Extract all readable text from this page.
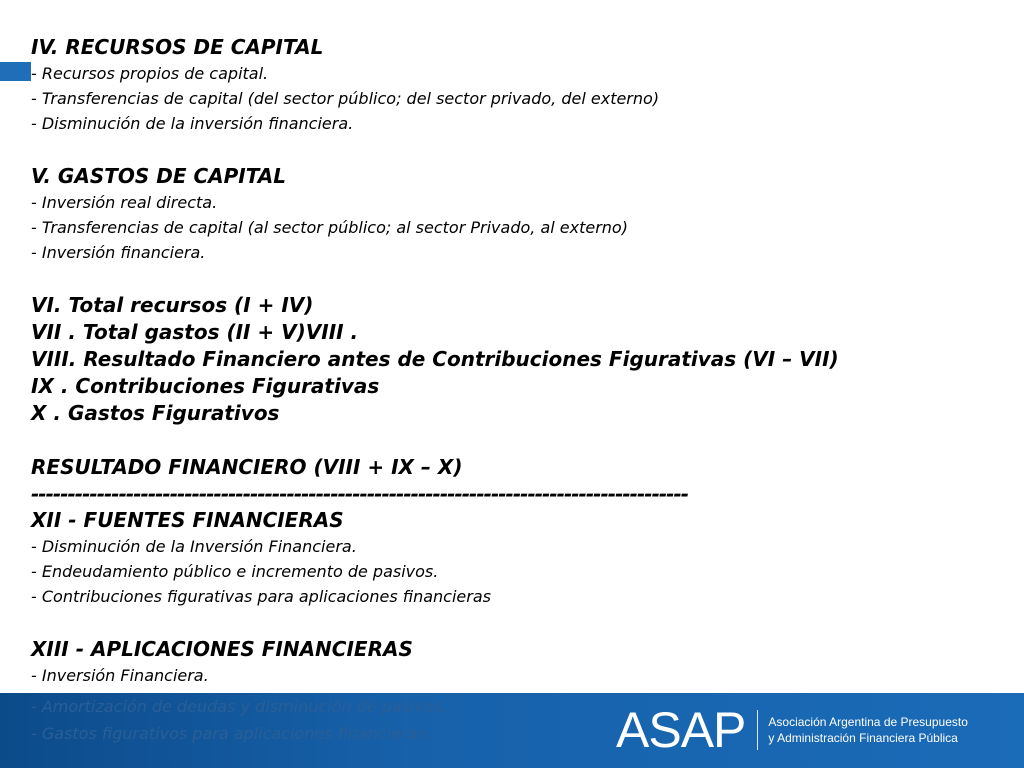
IV. RECURSOS DE CAPITAL

- Recursos propios de capital.

- Transferencias de capital (del sector público; del sector privado, del externo)

- Disminución de la inversión financiera.

V. GASTOS DE CAPITAL

- Inversión real directa.

- Transferencias de capital (al sector público; al sector Privado, al externo)

- Inversión financiera.

VI. Total recursos (I + IV)

VII . Total gastos (II + V)VIII .

VIII. Resultado Financiero antes de Contribuciones Figurativas (VI – VII)

IX . Contribuciones Figurativas

X . Gastos Figurativos

RESULTADO FINANCIERO (VIII + IX – X)

------------------------------------------------------------------------------------------

XII - FUENTES FINANCIERAS

- Disminución de la Inversión Financiera.

- Endeudamiento público e incremento de pasivos.

- Contribuciones figurativas para aplicaciones financieras

XIII - APLICACIONES FINANCIERAS

- Inversión Financiera.

- Amortización de deudas y disminución de pasivos.

- Gastos figurativos para aplicaciones financieras.	ASAP Asociación Argentina de Presupuesto
y Administración Financiera Pública
